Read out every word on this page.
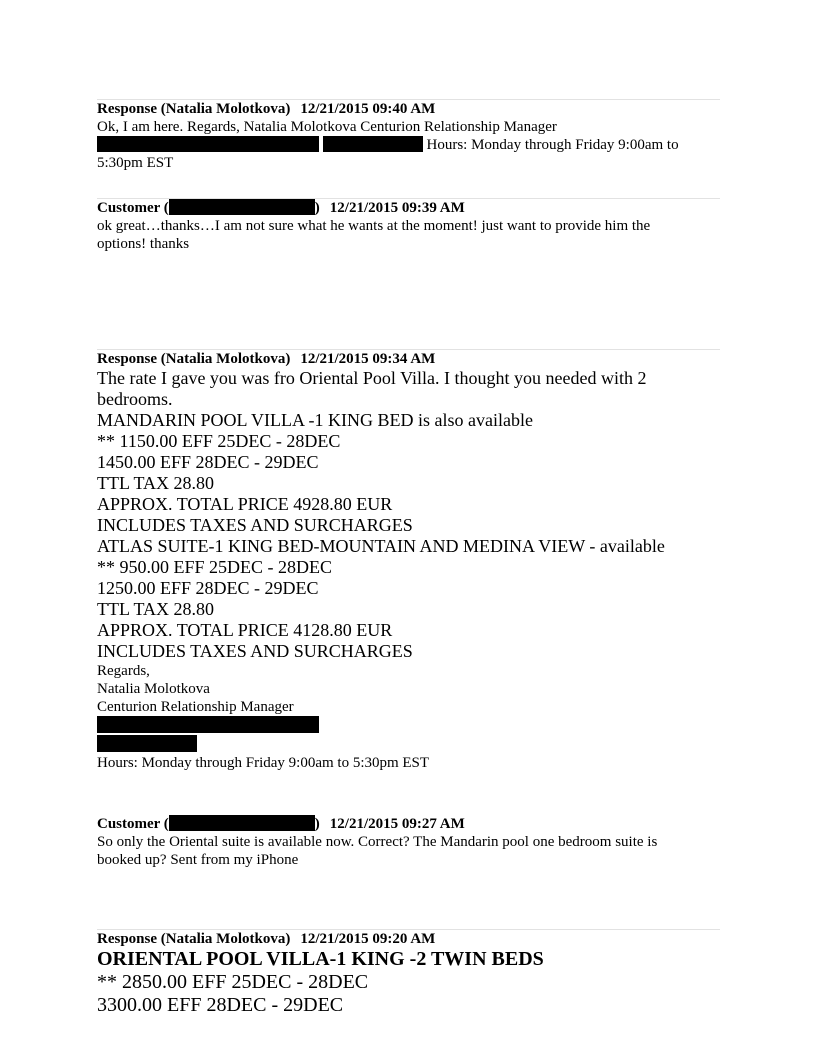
Response (Natalia Molotkova) 12/21/2015 09:40 AM
Ok, I am here. Regards, Natalia Molotkova Centurion Relationship Manager
Hours: Monday through Friday 9:00am to
5:30pm EST
Customer (	) 12/21/2015 09:39 AM
ok great…thanks…I am not sure what he wants at the moment! just want to provide him the
options! thanks
Response (Natalia Molotkova) 12/21/2015 09:34 AM
The rate I gave you was fro Oriental Pool Villa. I thought you needed with 2
bedrooms.
MANDARIN POOL VILLA -1 KING BED is also available
** 1150.00 EFF 25DEC - 28DEC
1450.00 EFF 28DEC - 29DEC
TTL TAX 28.80
APPROX. TOTAL PRICE 4928.80 EUR
INCLUDES TAXES AND SURCHARGES
ATLAS SUITE-1 KING BED-MOUNTAIN AND MEDINA VIEW - available
** 950.00 EFF 25DEC - 28DEC
1250.00 EFF 28DEC - 29DEC
TTL TAX 28.80
APPROX. TOTAL PRICE 4128.80 EUR
INCLUDES TAXES AND SURCHARGES
Regards,
Natalia Molotkova
Centurion Relationship Manager
Hours: Monday through Friday 9:00am to 5:30pm EST
Customer (	) 12/21/2015 09:27 AM
So only the Oriental suite is available now. Correct? The Mandarin pool one bedroom suite is
booked up? Sent from my iPhone
Response (Natalia Molotkova) 12/21/2015 09:20 AM
ORIENTAL POOL VILLA-1 KING -2 TWIN BEDS
** 2850.00 EFF 25DEC - 28DEC
3300.00 EFF 28DEC - 29DEC
